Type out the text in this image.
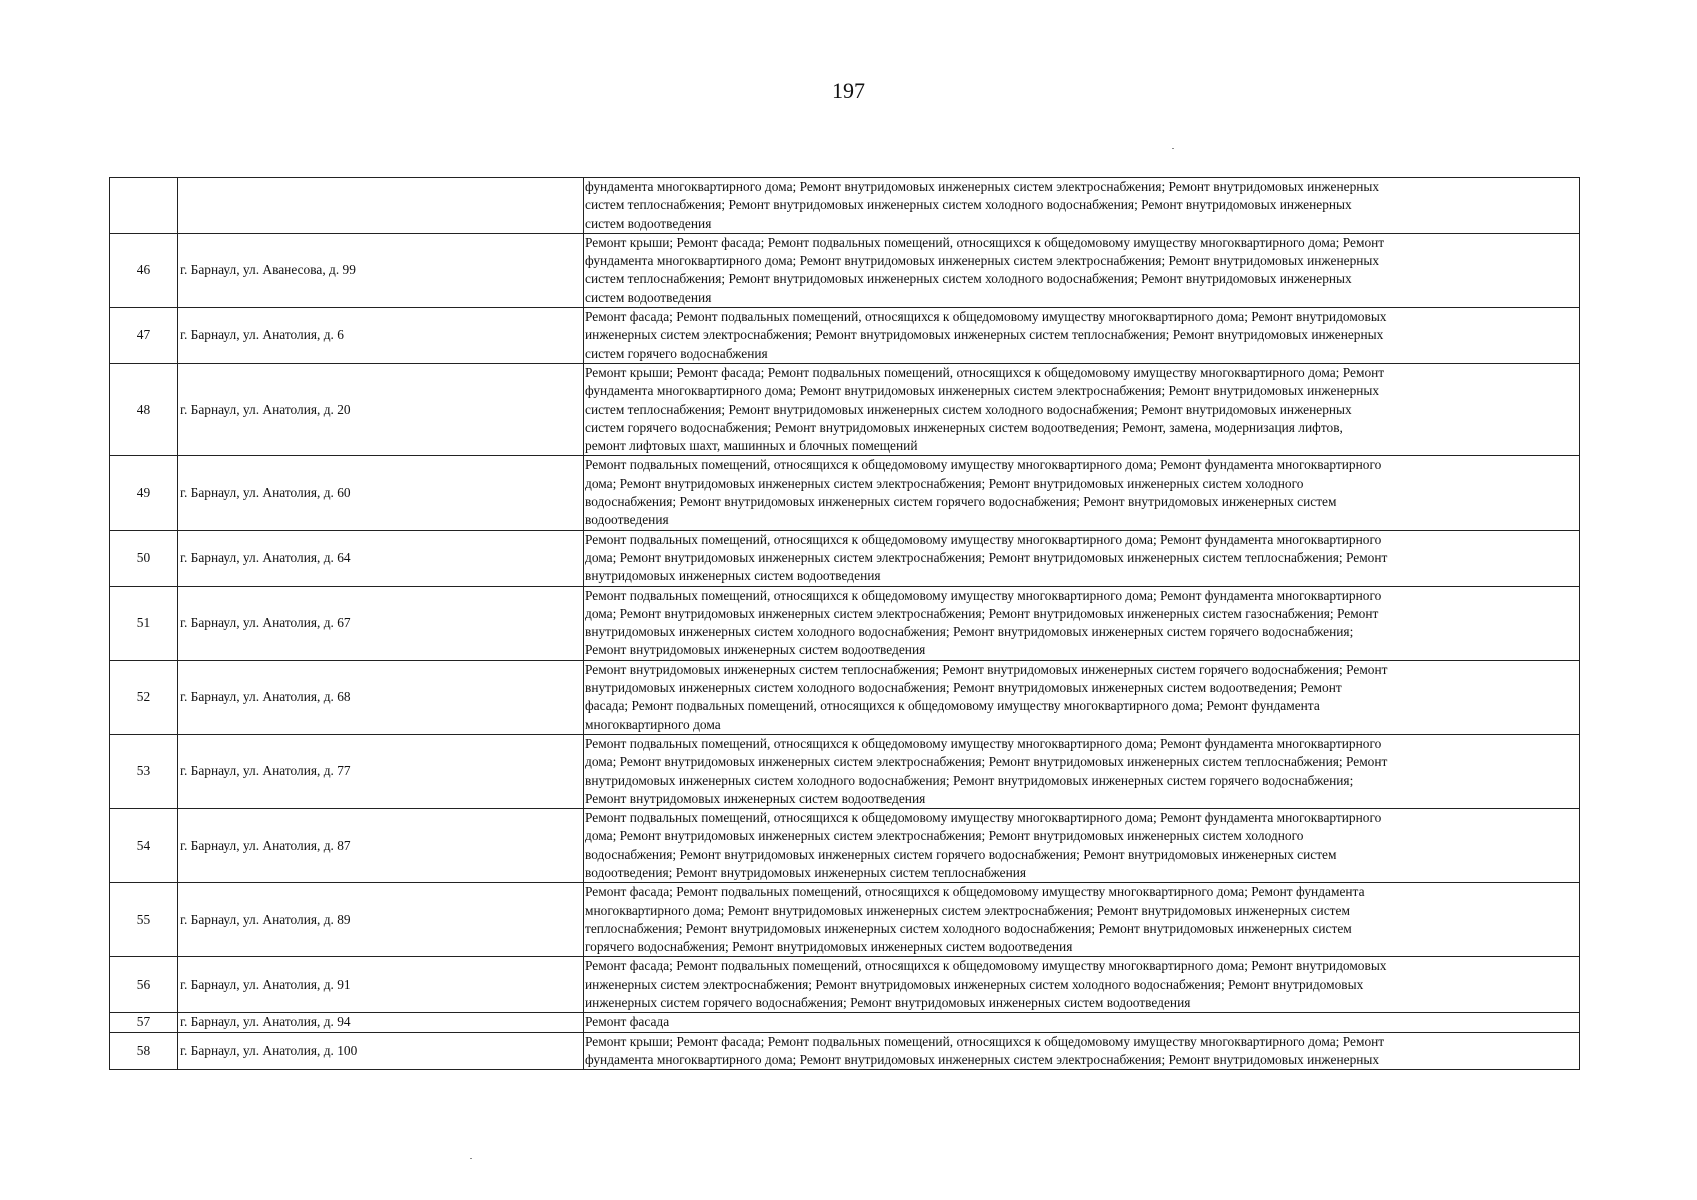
197

		фундамента многоквартирного дома; Ремонт внутридомовых инженерных систем электроснабжения; Ремонт внутридомовых инженерных
систем теплоснабжения; Ремонт внутридомовых инженерных систем холодного водоснабжения; Ремонт внутридомовых инженерных
систем водоотведения

46	г. Барнаул, ул. Аванесова, д. 99	Ремонт крыши; Ремонт фасада; Ремонт подвальных помещений, относящихся к общедомовому имуществу многоквартирного дома; Ремонт
фундамента многоквартирного дома; Ремонт внутридомовых инженерных систем электроснабжения; Ремонт внутридомовых инженерных
систем теплоснабжения; Ремонт внутридомовых инженерных систем холодного водоснабжения; Ремонт внутридомовых инженерных
систем водоотведения

47	г. Барнаул, ул. Анатолия, д. 6	Ремонт фасада; Ремонт подвальных помещений, относящихся к общедомовому имуществу многоквартирного дома; Ремонт внутридомовых
инженерных систем электроснабжения; Ремонт внутридомовых инженерных систем теплоснабжения; Ремонт внутридомовых инженерных
систем горячего водоснабжения

48	г. Барнаул, ул. Анатолия, д. 20	Ремонт крыши; Ремонт фасада; Ремонт подвальных помещений, относящихся к общедомовому имуществу многоквартирного дома; Ремонт
фундамента многоквартирного дома; Ремонт внутридомовых инженерных систем электроснабжения; Ремонт внутридомовых инженерных
систем теплоснабжения; Ремонт внутридомовых инженерных систем холодного водоснабжения; Ремонт внутридомовых инженерных
систем горячего водоснабжения; Ремонт внутридомовых инженерных систем водоотведения; Ремонт, замена, модернизация лифтов,
ремонт лифтовых шахт, машинных и блочных помещений

49	г. Барнаул, ул. Анатолия, д. 60	Ремонт подвальных помещений, относящихся к общедомовому имуществу многоквартирного дома; Ремонт фундамента многоквартирного
дома; Ремонт внутридомовых инженерных систем электроснабжения; Ремонт внутридомовых инженерных систем холодного
водоснабжения; Ремонт внутридомовых инженерных систем горячего водоснабжения; Ремонт внутридомовых инженерных систем
водоотведения

50	г. Барнаул, ул. Анатолия, д. 64	Ремонт подвальных помещений, относящихся к общедомовому имуществу многоквартирного дома; Ремонт фундамента многоквартирного
дома; Ремонт внутридомовых инженерных систем электроснабжения; Ремонт внутридомовых инженерных систем теплоснабжения; Ремонт
внутридомовых инженерных систем водоотведения

51	г. Барнаул, ул. Анатолия, д. 67	Ремонт подвальных помещений, относящихся к общедомовому имуществу многоквартирного дома; Ремонт фундамента многоквартирного
дома; Ремонт внутридомовых инженерных систем электроснабжения; Ремонт внутридомовых инженерных систем газоснабжения; Ремонт
внутридомовых инженерных систем холодного водоснабжения; Ремонт внутридомовых инженерных систем горячего водоснабжения;
Ремонт внутридомовых инженерных систем водоотведения

52	г. Барнаул, ул. Анатолия, д. 68	Ремонт внутридомовых инженерных систем теплоснабжения; Ремонт внутридомовых инженерных систем горячего водоснабжения; Ремонт
внутридомовых инженерных систем холодного водоснабжения; Ремонт внутридомовых инженерных систем водоотведения; Ремонт
фасада; Ремонт подвальных помещений, относящихся к общедомовому имуществу многоквартирного дома; Ремонт фундамента
многоквартирного дома

53	г. Барнаул, ул. Анатолия, д. 77	Ремонт подвальных помещений, относящихся к общедомовому имуществу многоквартирного дома; Ремонт фундамента многоквартирного
дома; Ремонт внутридомовых инженерных систем электроснабжения; Ремонт внутридомовых инженерных систем теплоснабжения; Ремонт
внутридомовых инженерных систем холодного водоснабжения; Ремонт внутридомовых инженерных систем горячего водоснабжения;
Ремонт внутридомовых инженерных систем водоотведения

54	г. Барнаул, ул. Анатолия, д. 87	Ремонт подвальных помещений, относящихся к общедомовому имуществу многоквартирного дома; Ремонт фундамента многоквартирного
дома; Ремонт внутридомовых инженерных систем электроснабжения; Ремонт внутридомовых инженерных систем холодного
водоснабжения; Ремонт внутридомовых инженерных систем горячего водоснабжения; Ремонт внутридомовых инженерных систем
водоотведения; Ремонт внутридомовых инженерных систем теплоснабжения

55	г. Барнаул, ул. Анатолия, д. 89	Ремонт фасада; Ремонт подвальных помещений, относящихся к общедомовому имуществу многоквартирного дома; Ремонт фундамента
многоквартирного дома; Ремонт внутридомовых инженерных систем электроснабжения; Ремонт внутридомовых инженерных систем
теплоснабжения; Ремонт внутридомовых инженерных систем холодного водоснабжения; Ремонт внутридомовых инженерных систем
горячего водоснабжения; Ремонт внутридомовых инженерных систем водоотведения

56	г. Барнаул, ул. Анатолия, д. 91	Ремонт фасада; Ремонт подвальных помещений, относящихся к общедомовому имуществу многоквартирного дома; Ремонт внутридомовых
инженерных систем электроснабжения; Ремонт внутридомовых инженерных систем холодного водоснабжения; Ремонт внутридомовых
инженерных систем горячего водоснабжения; Ремонт внутридомовых инженерных систем водоотведения

57	г. Барнаул, ул. Анатолия, д. 94	Ремонт фасада

58	г. Барнаул, ул. Анатолия, д. 100	Ремонт крыши; Ремонт фасада; Ремонт подвальных помещений, относящихся к общедомовому имуществу многоквартирного дома; Ремонт
фундамента многоквартирного дома; Ремонт внутридомовых инженерных систем электроснабжения; Ремонт внутридомовых инженерных
